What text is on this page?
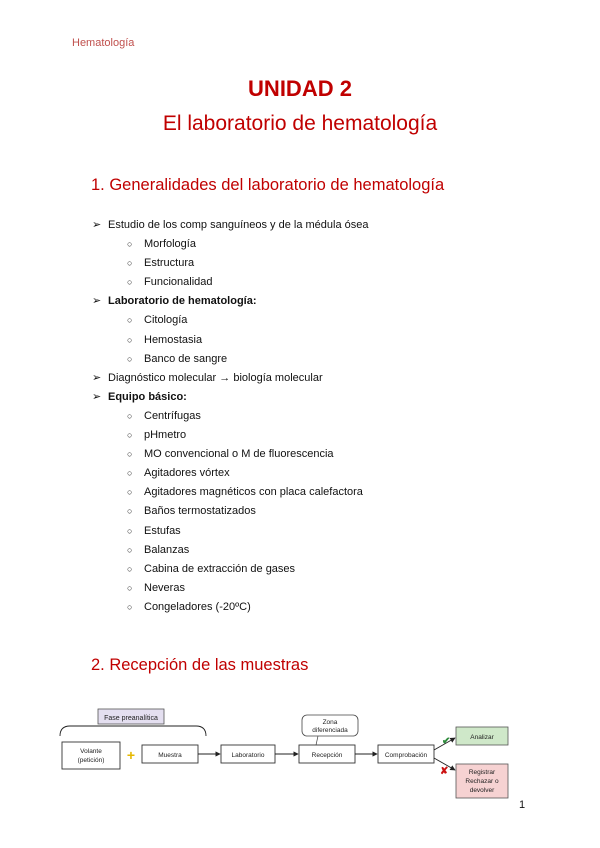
Hematología
UNIDAD 2
El laboratorio de hematología
1. Generalidades del laboratorio de hematología
➢ Estudio de los comp sanguíneos y de la médula ósea
○ Morfología
○ Estructura
○ Funcionalidad
➢ Laboratorio de hematología:
○ Citología
○ Hemostasia
○ Banco de sangre
➢ Diagnóstico molecular → biología molecular
➢ Equipo básico:
○ Centrífugas
○ pHmetro
○ MO convencional o M de fluorescencia
○ Agitadores vórtex
○ Agitadores magnéticos con placa calefactora
○ Baños termostatizados
○ Estufas
○ Balanzas
○ Cabina de extracción de gases
○ Neveras
○ Congeladores (-20ºC)
2. Recepción de las muestras
Fase preanalítica
Zona
diferenciada
Volante
(petición) +	Muestra	Laboratorio	Recepción	Comprobación
✔
✘
Analizar
Registrar
Rechazar o
devolver
1
